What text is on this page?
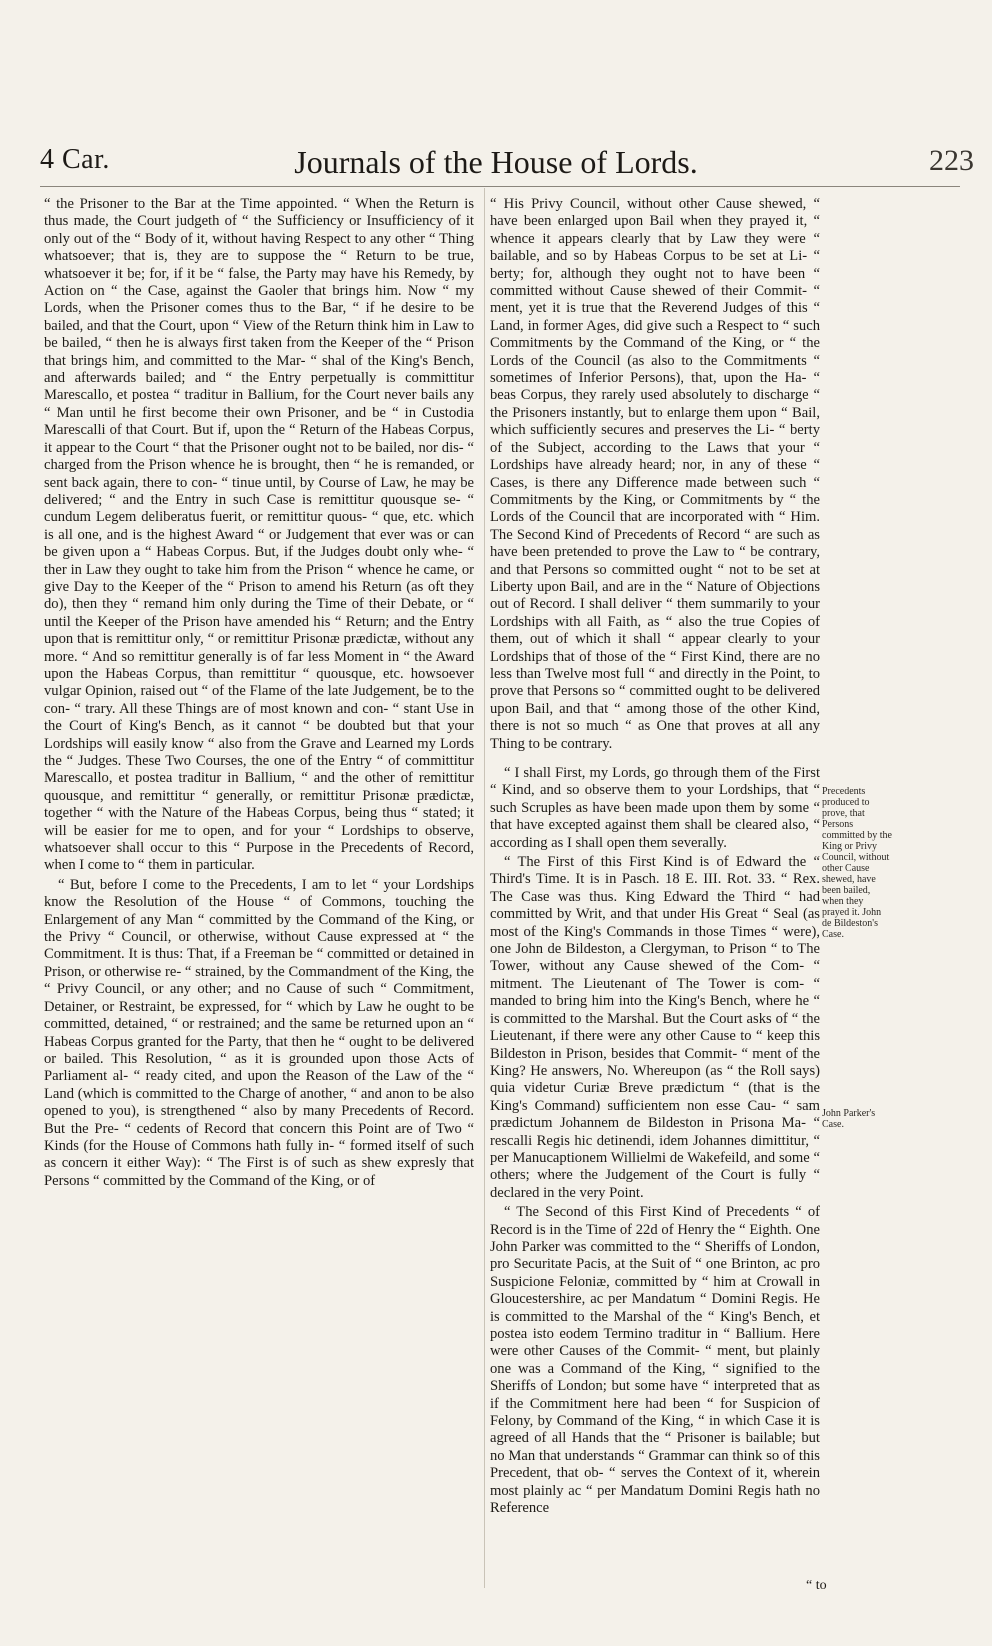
4 Car.	Journals of the House of Lords.	223

“ the Prisoner to the Bar at the Time appointed. “ When the Return is thus made, the Court judgeth of “ the Sufficiency or Insufficiency of it only out of the “ Body of it, without having Respect to any other “ Thing whatsoever; that is, they are to suppose the “ Return to be true, whatsoever it be; for, if it be “ false, the Party may have his Remedy, by Action on “ the Case, against the Gaoler that brings him. Now “ my Lords, when the Prisoner comes thus to the Bar, “ if he desire to be bailed, and that the Court, upon “ View of the Return think him in Law to be bailed, “ then he is always first taken from the Keeper of the “ Prison that brings him, and committed to the Mar- “ shal of the King's Bench, and afterwards bailed; and “ the Entry perpetually is committitur Marescallo, et postea “ traditur in Ballium, for the Court never bails any “ Man until he first become their own Prisoner, and be “ in Custodia Marescalli of that Court. But if, upon the “ Return of the Habeas Corpus, it appear to the Court “ that the Prisoner ought not to be bailed, nor dis- “ charged from the Prison whence he is brought, then “ he is remanded, or sent back again, there to con- “ tinue until, by Course of Law, he may be delivered; “ and the Entry in such Case is remittitur quousque se- “ cundum Legem deliberatus fuerit, or remittitur quous- “ que, etc. which is all one, and is the highest Award “ or Judgement that ever was or can be given upon a “ Habeas Corpus. But, if the Judges doubt only whe- “ ther in Law they ought to take him from the Prison “ whence he came, or give Day to the Keeper of the “ Prison to amend his Return (as oft they do), then they “ remand him only during the Time of their Debate, or “ until the Keeper of the Prison have amended his “ Return; and the Entry upon that is remittitur only, “ or remittitur Prisonæ prædictæ, without any more. “ And so remittitur generally is of far less Moment in “ the Award upon the Habeas Corpus, than remittitur “ quousque, etc. howsoever vulgar Opinion, raised out “ of the Flame of the late Judgement, be to the con- “ trary. All these Things are of most known and con- “ stant Use in the Court of King's Bench, as it cannot “ be doubted but that your Lordships will easily know “ also from the Grave and Learned my Lords the “ Judges. These Two Courses, the one of the Entry “ of committitur Marescallo, et postea traditur in Ballium, “ and the other of remittitur quousque, and remittitur “ generally, or remittitur Prisonæ prædictæ, together “ with the Nature of the Habeas Corpus, being thus “ stated; it will be easier for me to open, and for your “ Lordships to observe, whatsoever shall occur to this “ Purpose in the Precedents of Record, when I come to “ them in particular.

“ But, before I come to the Precedents, I am to let “ your Lordships know the Resolution of the House “ of Commons, touching the Enlargement of any Man “ committed by the Command of the King, or the Privy “ Council, or otherwise, without Cause expressed at “ the Commitment. It is thus: That, if a Freeman be “ committed or detained in Prison, or otherwise re- “ strained, by the Commandment of the King, the “ Privy Council, or any other; and no Cause of such “ Commitment, Detainer, or Restraint, be expressed, for “ which by Law he ought to be committed, detained, “ or restrained; and the same be returned upon an “ Habeas Corpus granted for the Party, that then he “ ought to be delivered or bailed. This Resolution, “ as it is grounded upon those Acts of Parliament al- “ ready cited, and upon the Reason of the Law of the “ Land (which is committed to the Charge of another, “ and anon to be also opened to you), is strengthened “ also by many Precedents of Record. But the Pre- “ cedents of Record that concern this Point are of Two “ Kinds (for the House of Commons hath fully in- “ formed itself of such as concern it either Way): “ The First is of such as shew expresly that Persons “ committed by the Command of the King, or of

“ His Privy Council, without other Cause shewed, “ have been enlarged upon Bail when they prayed it, “ whence it appears clearly that by Law they were “ bailable, and so by Habeas Corpus to be set at Li- “ berty; for, although they ought not to have been “ committed without Cause shewed of their Commit- “ ment, yet it is true that the Reverend Judges of this “ Land, in former Ages, did give such a Respect to “ such Commitments by the Command of the King, or “ the Lords of the Council (as also to the Commitments “ sometimes of Inferior Persons), that, upon the Ha- “ beas Corpus, they rarely used absolutely to discharge “ the Prisoners instantly, but to enlarge them upon “ Bail, which sufficiently secures and preserves the Li- “ berty of the Subject, according to the Laws that your “ Lordships have already heard; nor, in any of these “ Cases, is there any Difference made between such “ Commitments by the King, or Commitments by “ the Lords of the Council that are incorporated with “ Him. The Second Kind of Precedents of Record “ are such as have been pretended to prove the Law to “ be contrary, and that Persons so committed ought “ not to be set at Liberty upon Bail, and are in the “ Nature of Objections out of Record. I shall deliver “ them summarily to your Lordships with all Faith, as “ also the true Copies of them, out of which it shall “ appear clearly to your Lordships that of those of the “ First Kind, there are no less than Twelve most full “ and directly in the Point, to prove that Persons so “ committed ought to be delivered upon Bail, and that “ among those of the other Kind, there is not so much “ as One that proves at all any Thing to be contrary.

“ I shall First, my Lords, go through them of the First “ Kind, and so observe them to your Lordships, that “ such Scruples as have been made upon them by some “ that have excepted against them shall be cleared also, “ according as I shall open them severally.

“ The First of this First Kind is of Edward the “ Third's Time. It is in Pasch. 18 E. III. Rot. 33. “ Rex. The Case was thus. King Edward the Third “ had committed by Writ, and that under His Great “ Seal (as most of the King's Commands in those Times “ were), one John de Bildeston, a Clergyman, to Prison “ to The Tower, without any Cause shewed of the Com- “ mitment. The Lieutenant of The Tower is com- “ manded to bring him into the King's Bench, where he “ is committed to the Marshal. But the Court asks of “ the Lieutenant, if there were any other Cause to “ keep this Bildeston in Prison, besides that Commit- “ ment of the King? He answers, No. Whereupon (as “ the Roll says) quia videtur Curiæ Breve prædictum “ (that is the King's Command) sufficientem non esse Cau- “ sam prædictum Johannem de Bildeston in Prisona Ma- “ rescalli Regis hic detinendi, idem Johannes dimittitur, “ per Manucaptionem Willielmi de Wakefeild, and some “ others; where the Judgement of the Court is fully “ declared in the very Point.

“ The Second of this First Kind of Precedents “ of Record is in the Time of 22d of Henry the “ Eighth. One John Parker was committed to the “ Sheriffs of London, pro Securitate Pacis, at the Suit of “ one Brinton, ac pro Suspicione Feloniæ, committed by “ him at Crowall in Gloucestershire, ac per Mandatum “ Domini Regis. He is committed to the Marshal of the “ King's Bench, et postea isto eodem Termino traditur in “ Ballium. Here were other Causes of the Commit- “ ment, but plainly one was a Command of the King, “ signified to the Sheriffs of London; but some have “ interpreted that as if the Commitment here had been “ for Suspicion of Felony, by Command of the King, “ in which Case it is agreed of all Hands that the “ Prisoner is bailable; but no Man that understands “ Grammar can think so of this Precedent, that ob- “ serves the Context of it, wherein most plainly ac “ per Mandatum Domini Regis hath no Reference

Precedents produced to prove, that Persons committed by the King or Privy Council, without other Cause shewed, have been bailed, when they prayed it. John de Bildeston's Case.
John Parker's Case.
“ to
